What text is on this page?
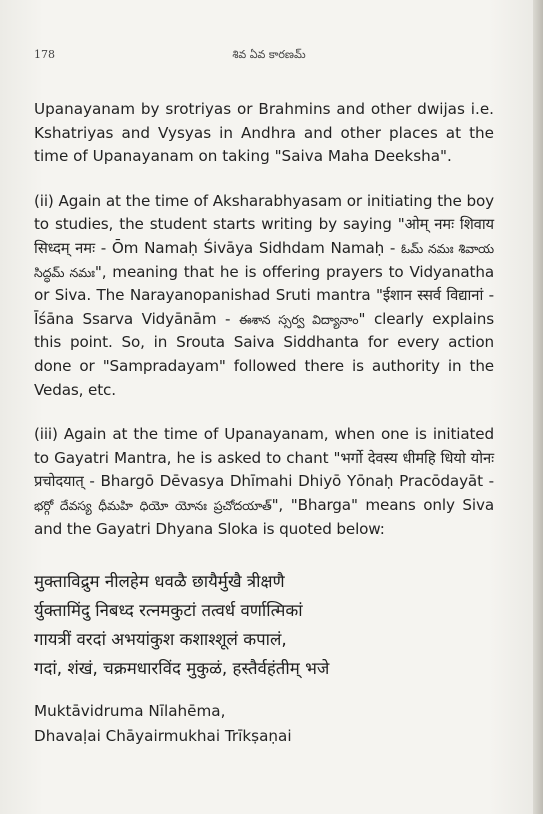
178	శివ ఏవ కారణమ్

Upanayanam by srotriyas or Brahmins and other dwijas i.e. Kshatriyas and Vysyas in Andhra and other places at the time of Upanayanam on taking "Saiva Maha Deeksha".

(ii) Again at the time of Aksharabhyasam or initiating the boy to studies, the student starts writing by saying "ओम् नमः शिवाय सिध्दम् नमः - Ōm Namaḥ Śivāya Sidhdam Namaḥ - ఓమ్ నమః శివాయ సిద్ధమ్ నమః", meaning that he is offering prayers to Vidyanatha or Siva. The Narayanopanishad Sruti mantra "ईशान स्सर्व विद्यानां - Īśāna Ssarva Vidyānām - ఈశాన స్సర్వ విద్యానాం" clearly explains this point. So, in Srouta Saiva Siddhanta for every action done or "Sampradayam" followed there is authority in the Vedas, etc.

(iii) Again at the time of Upanayanam, when one is initiated to Gayatri Mantra, he is asked to chant "भर्गो देवस्य धीमहि धियो योनः प्रचोदयात् - Bhargō Dēvasya Dhīmahi Dhiyō Yōnaḥ Pracōdayāt - భర్గో దేవస్య ధీమహి ధియో యోనః ప్రచోదయాత్", "Bharga" means only Siva and the Gayatri Dhyana Sloka is quoted below:

मुक्ताविद्रुम नीलहेम धवळै छायैर्मुखै त्रीक्षणै
र्युक्तामिंदु निबध्द रत्नमकुटां तत्वर्ध वर्णात्मिकां
गायत्रीं वरदां अभयांकुश कशाश्शूलं कपालं,
गदां, शंखं, चक्रमधारविंद मुकुळं, हस्तैर्वहंतीम् भजे
Muktāvidruma Nīlahēma,
Dhavaḷai Chāyairmukhai Trīkṣaṇai
